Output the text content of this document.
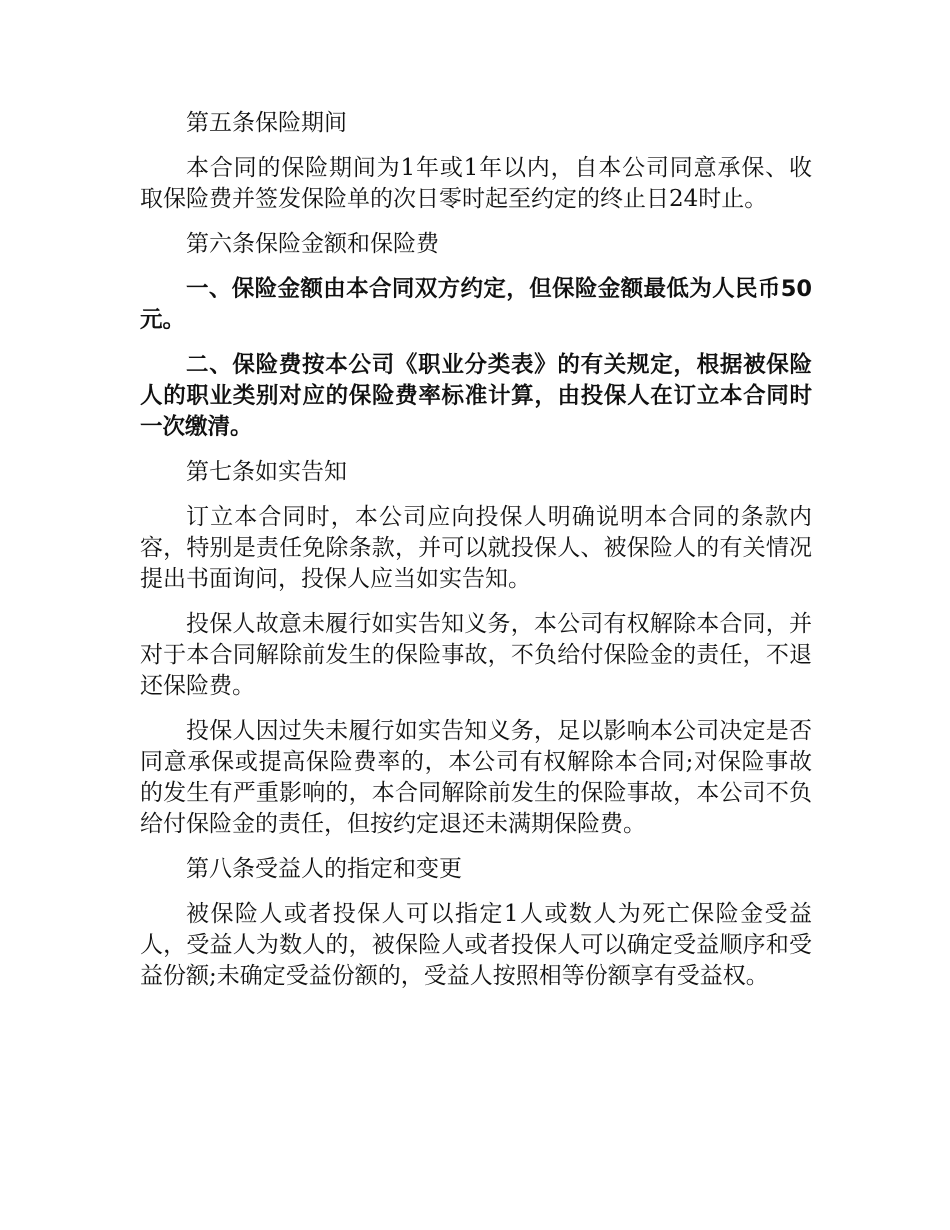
第五条保险期间

本合同的保险期间为1年或1年以内，自本公司同意承保、收取保险费并签发保险单的次日零时起至约定的终止日24时止。

第六条保险金额和保险费

一、保险金额由本合同双方约定，但保险金额最低为人民币50元。

二、保险费按本公司《职业分类表》的有关规定，根据被保险人的职业类别对应的保险费率标准计算，由投保人在订立本合同时一次缴清。

第七条如实告知

订立本合同时，本公司应向投保人明确说明本合同的条款内容，特别是责任免除条款，并可以就投保人、被保险人的有关情况提出书面询问，投保人应当如实告知。

投保人故意未履行如实告知义务，本公司有权解除本合同，并对于本合同解除前发生的保险事故，不负给付保险金的责任，不退还保险费。

投保人因过失未履行如实告知义务，足以影响本公司决定是否同意承保或提高保险费率的，本公司有权解除本合同;对保险事故的发生有严重影响的，本合同解除前发生的保险事故，本公司不负给付保险金的责任，但按约定退还未满期保险费。

第八条受益人的指定和变更

被保险人或者投保人可以指定1人或数人为死亡保险金受益人，受益人为数人的，被保险人或者投保人可以确定受益顺序和受益份额;未确定受益份额的，受益人按照相等份额享有受益权。
